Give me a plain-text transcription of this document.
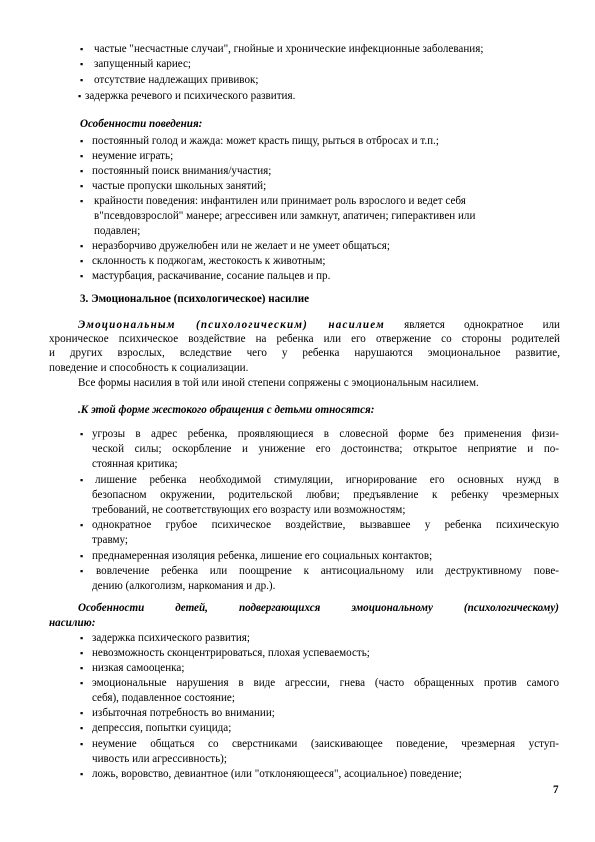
▪ частые "несчастные случаи", гнойные и хронические инфекционные заболевания;
▪ запущенный кариес;
▪ отсутствие надлежащих прививок;
▪ задержка речевого и психического развития.
Особенности поведения:
▪ постоянный голод и жажда: может красть пищу, рыться в отбросах и т.п.;
▪ неумение играть;
▪ постоянный поиск внимания/участия;
▪ частые пропуски школьных занятий;
▪ крайности поведения: инфантилен или принимает роль взрослого и ведет себя
в"псевдовзрослой" манере; агрессивен или замкнут, апатичен; гиперактивен или
подавлен;
▪ неразборчиво дружелюбен или не желает и не умеет общаться;
▪ склонность к поджогам, жестокость к животным;
▪ мастурбация, раскачивание, сосание пальцев и пр.
3. Эмоциональное (психологическое) насилие
Эмоциональным (психологическим) насилием является однократное или
хроническое психическое воздействие на ребенка или его отвержение со стороны родителей
и других взрослых, вследствие чего у ребенка нарушаются эмоциональное развитие,
поведение и способность к социализации.
Все формы насилия в той или иной степени сопряжены с эмоциональным насилием.
.К этой форме жестокого обращения с детьми относятся:
▪ угрозы в адрес ребенка, проявляющиеся в словесной форме без применения физи-
ческой силы; оскорбление и унижение его достоинства; открытое неприятие и по-
стоянная критика;
▪ лишение ребенка необходимой стимуляции, игнорирование его основных нужд в
безопасном окружении, родительской любви; предъявление к ребенку чрезмерных
требований, не соответствующих его возрасту или возможностям;
▪ однократное грубое психическое воздействие, вызвавшее у ребенка психическую
травму;
▪ преднамеренная изоляция ребенка, лишение его социальных контактов;
▪ вовлечение ребенка или поощрение к антисоциальному или деструктивному пове-
дению (алкоголизм, наркомания и др.).
Особенности детей, подвергающихся эмоциональному (психологическому)
насилию:
▪ задержка психического развития;
▪ невозможность сконцентрироваться, плохая успеваемость;
▪ низкая самооценка;
▪ эмоциональные нарушения в виде агрессии, гнева (часто обращенных против самого
себя), подавленное состояние;
▪ избыточная потребность во внимании;
▪ депрессия, попытки суицида;
▪ неумение общаться со сверстниками (заискивающее поведение, чрезмерная уступ-
чивость или агрессивность);
▪ ложь, воровство, девиантное (или "отклоняющееся", асоциальное) поведение;
7
